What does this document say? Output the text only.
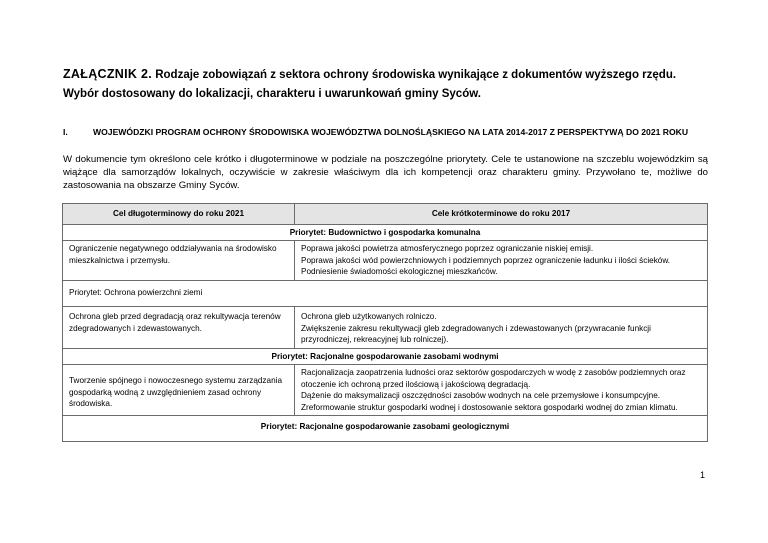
ZAŁĄCZNIK 2. Rodzaje zobowiązań z sektora ochrony środowiska wynikające z dokumentów wyższego rzędu. Wybór dostosowany do lokalizacji, charakteru i uwarunkowań gminy Syców.
I.	WOJEWÓDZKI PROGRAM OCHRONY ŚRODOWISKA WOJEWÓDZTWA DOLNOŚLĄSKIEGO NA LATA 2014-2017 Z PERSPEKTYWĄ DO 2021 ROKU
W dokumencie tym określono cele krótko i długoterminowe w podziale na poszczególne priorytety. Cele te ustanowione na szczeblu wojewódzkim są wiążące dla samorządów lokalnych, oczywiście w zakresie właściwym dla ich kompetencji oraz charakteru gminy. Przywołano te, możliwe do zastosowania na obszarze Gminy Syców.
Cel długoterminowy do roku 2021	Cele krótkoterminowe do roku 2017
Priorytet: Budownictwo i gospodarka komunalna	
Ograniczenie negatywnego oddziaływania na środowisko mieszkalnictwa i przemysłu.	Poprawa jakości powietrza atmosferycznego poprzez ograniczanie niskiej emisji.
Poprawa jakości wód powierzchniowych i podziemnych poprzez ograniczenie ładunku i ilości ścieków.
Podniesienie świadomości ekologicznej mieszkańców.

Priorytet: Ochrona powierzchni ziemi	
Ochrona gleb przed degradacją oraz rekultywacja terenów zdegradowanych i zdewastowanych.	Ochrona gleb użytkowanych rolniczo.
Zwiększenie zakresu rekultywacji gleb zdegradowanych i zdewastowanych (przywracanie funkcji przyrodniczej, rekreacyjnej lub rolniczej).

Priorytet: Racjonalne gospodarowanie zasobami wodnymi	
Tworzenie spójnego i nowoczesnego systemu zarządzania gospodarką wodną z uwzględnieniem zasad ochrony środowiska.	Racjonalizacja zaopatrzenia ludności oraz sektorów gospodarczych w wodę z zasobów podziemnych oraz otoczenie ich ochroną przed ilościową i jakościową degradacją.
Dążenie do maksymalizacji oszczędności zasobów wodnych na cele przemysłowe i konsumpcyjne.
Zreformowanie struktur gospodarki wodnej i dostosowanie sektora gospodarki wodnej do zmian klimatu.

Priorytet: Racjonalne gospodarowanie zasobami geologicznymi	
1
